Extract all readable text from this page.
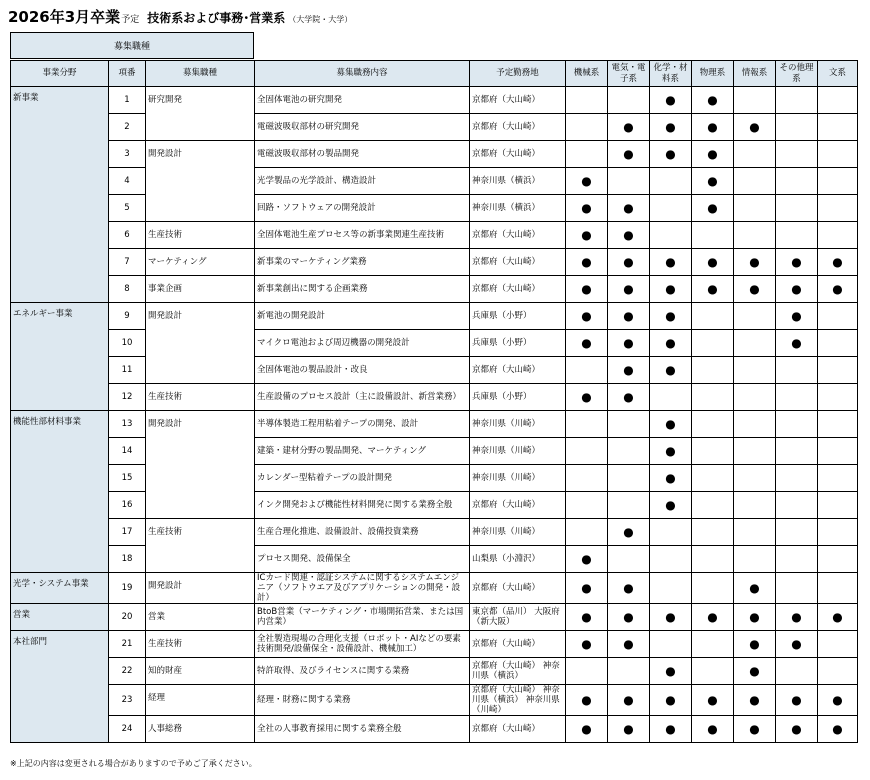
2026年3月卒業予定 技術系および事務･営業系 （大学院・大学）
募集職種
事業分野	項番	募集職種	募集職務内容	予定勤務地	機械系	電気・電子系	化学・材料系	物理系	情報系	その他理系	文系
新事業	1	研究開発	全固体電池の研究開発	京都府（大山崎）			●	●			
	2		電磁波吸収部材の研究開発	京都府（大山崎）		●	●	●	●		
	3	開発設計	電磁波吸収部材の製品開発	京都府（大山崎）		●	●	●			
	4		光学製品の光学設計、構造設計	神奈川県（横浜）	●			●			
	5		回路・ソフトウェアの開発設計	神奈川県（横浜）	●	●		●			
	6	生産技術	全固体電池生産プロセス等の新事業関連生産技術	京都府（大山崎）	●	●					
	7	マーケティング	新事業のマーケティング業務	京都府（大山崎）	●	●	●	●	●	●	●
	8	事業企画	新事業創出に関する企画業務	京都府（大山崎）	●	●	●	●	●	●	●
エネルギー事業	9	開発設計	新電池の開発設計	兵庫県（小野）	●	●	●			●	
	10		マイクロ電池および周辺機器の開発設計	兵庫県（小野）	●	●	●			●	
	11		全固体電池の製品設計・改良	京都府（大山崎）		●	●				
	12	生産技術	生産設備のプロセス設計（主に設備設計、新営業務）	兵庫県（小野）	●	●					
機能性部材料事業	13	開発設計	半導体製造工程用粘着テープの開発、設計	神奈川県（川崎）			●				
	14		建築・建材分野の製品開発、マーケティング	神奈川県（川崎）			●				
	15		カレンダー型粘着テープの設計開発	神奈川県（川崎）			●				
	16		インク開発および機能性材料開発に関する業務全般	京都府（大山崎）			●				
	17	生産技術	生産合理化推進、設備設計、設備投資業務	神奈川県（川崎）		●					
	18		プロセス開発、設備保全	山梨県（小淵沢）	●						
光学・システム事業	19	開発設計	ICカード関連・認証システムに関するシステムエンジニア（ソフトウエア及びアプリケーションの開発・設計）	京都府（大山崎）	●	●			●		
営業	20	営業	BtoB営業（マーケティング・市場開拓営業、または国内営業）	東京都（品川） 大阪府（新大阪）	●	●	●	●	●	●	●
本社部門	21	生産技術	全社製造現場の合理化支援（ロボット・AIなどの要素技術開発/設備保全・設備設計、機械加工）	京都府（大山崎）	●	●			●	●	
	22	知的財産	特許取得、及びライセンスに関する業務	京都府（大山崎） 神奈川県（横浜）			●		●		
	23	経理	経理・財務に関する業務	京都府（大山崎） 神奈川県（横浜） 神奈川県（川崎）	●	●	●	●	●	●	●
	24	人事総務	全社の人事教育採用に関する業務全般	京都府（大山崎）	●	●	●	●	●	●	●
※上記の内容は変更される場合がありますので予めご了承ください。
